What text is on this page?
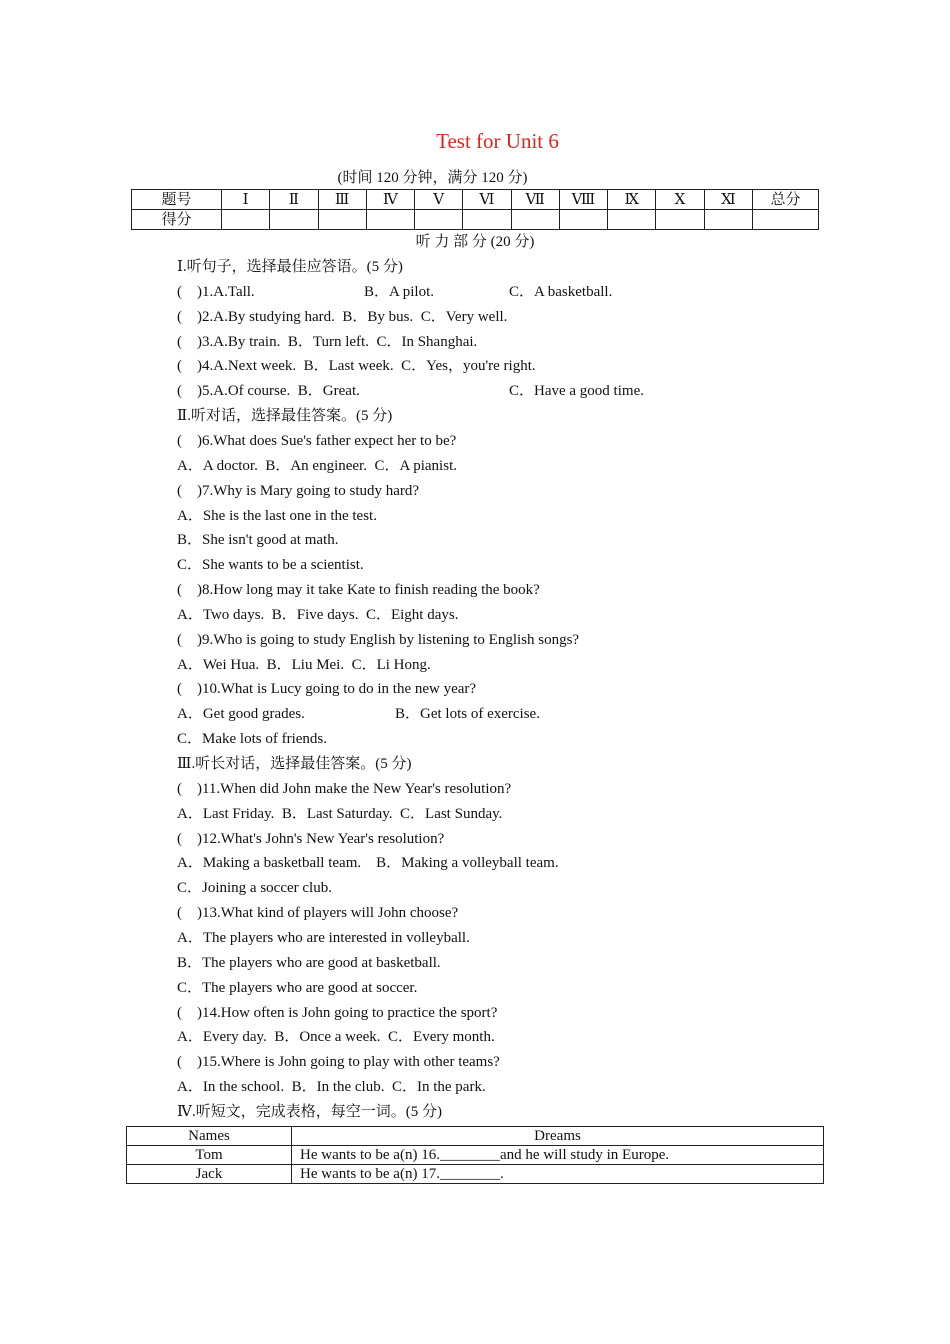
Test for Unit 6
(时间 120 分钟，满分 120 分)
题号	Ⅰ	Ⅱ	Ⅲ	Ⅳ	Ⅴ	Ⅵ	Ⅶ	Ⅷ	Ⅸ	Ⅹ	Ⅺ	总分
得分												
听 力 部 分 (20 分)
Ⅰ.听句子，选择最佳应答语。(5 分)
(    )1.A.Tall.	B．A pilot.	C．A basketball.
(    )2.A.By studying hard.  B．By bus.  C．Very well.
(    )3.A.By train.  B．Turn left.  C．In Shanghai.
(    )4.A.Next week.  B．Last week.  C．Yes，you're right.
(    )5.A.Of course.  B．Great.	C．Have a good time.
Ⅱ.听对话，选择最佳答案。(5 分)
(    )6.What does Sue's father expect her to be?
A．A doctor.  B．An engineer.  C．A pianist.
(    )7.Why is Mary going to study hard?
A．She is the last one in the test.
B．She isn't good at math.
C．She wants to be a scientist.
(    )8.How long may it take Kate to finish reading the book?
A．Two days.  B．Five days.  C．Eight days.
(    )9.Who is going to study English by listening to English songs?
A．Wei Hua.  B．Liu Mei.  C．Li Hong.
(    )10.What is Lucy going to do in the new year?
A．Get good grades.	B．Get lots of exercise.
C．Make lots of friends.
Ⅲ.听长对话，选择最佳答案。(5 分)
(    )11.When did John make the New Year's resolution?
A．Last Friday.  B．Last Saturday.  C．Last Sunday.
(    )12.What's John's New Year's resolution?
A．Making a basketball team.    B．Making a volleyball team.
C．Joining a soccer club.
(    )13.What kind of players will John choose?
A．The players who are interested in volleyball.
B．The players who are good at basketball.
C．The players who are good at soccer.
(    )14.How often is John going to practice the sport?
A．Every day.  B．Once a week.  C．Every month.
(    )15.Where is John going to play with other teams?
A．In the school.  B．In the club.  C．In the park.
Ⅳ.听短文，完成表格，每空一词。(5 分)
Names	Dreams
Tom	He wants to be a(n) 16.________and he will study in Europe.
Jack	He wants to be a(n) 17.________.
